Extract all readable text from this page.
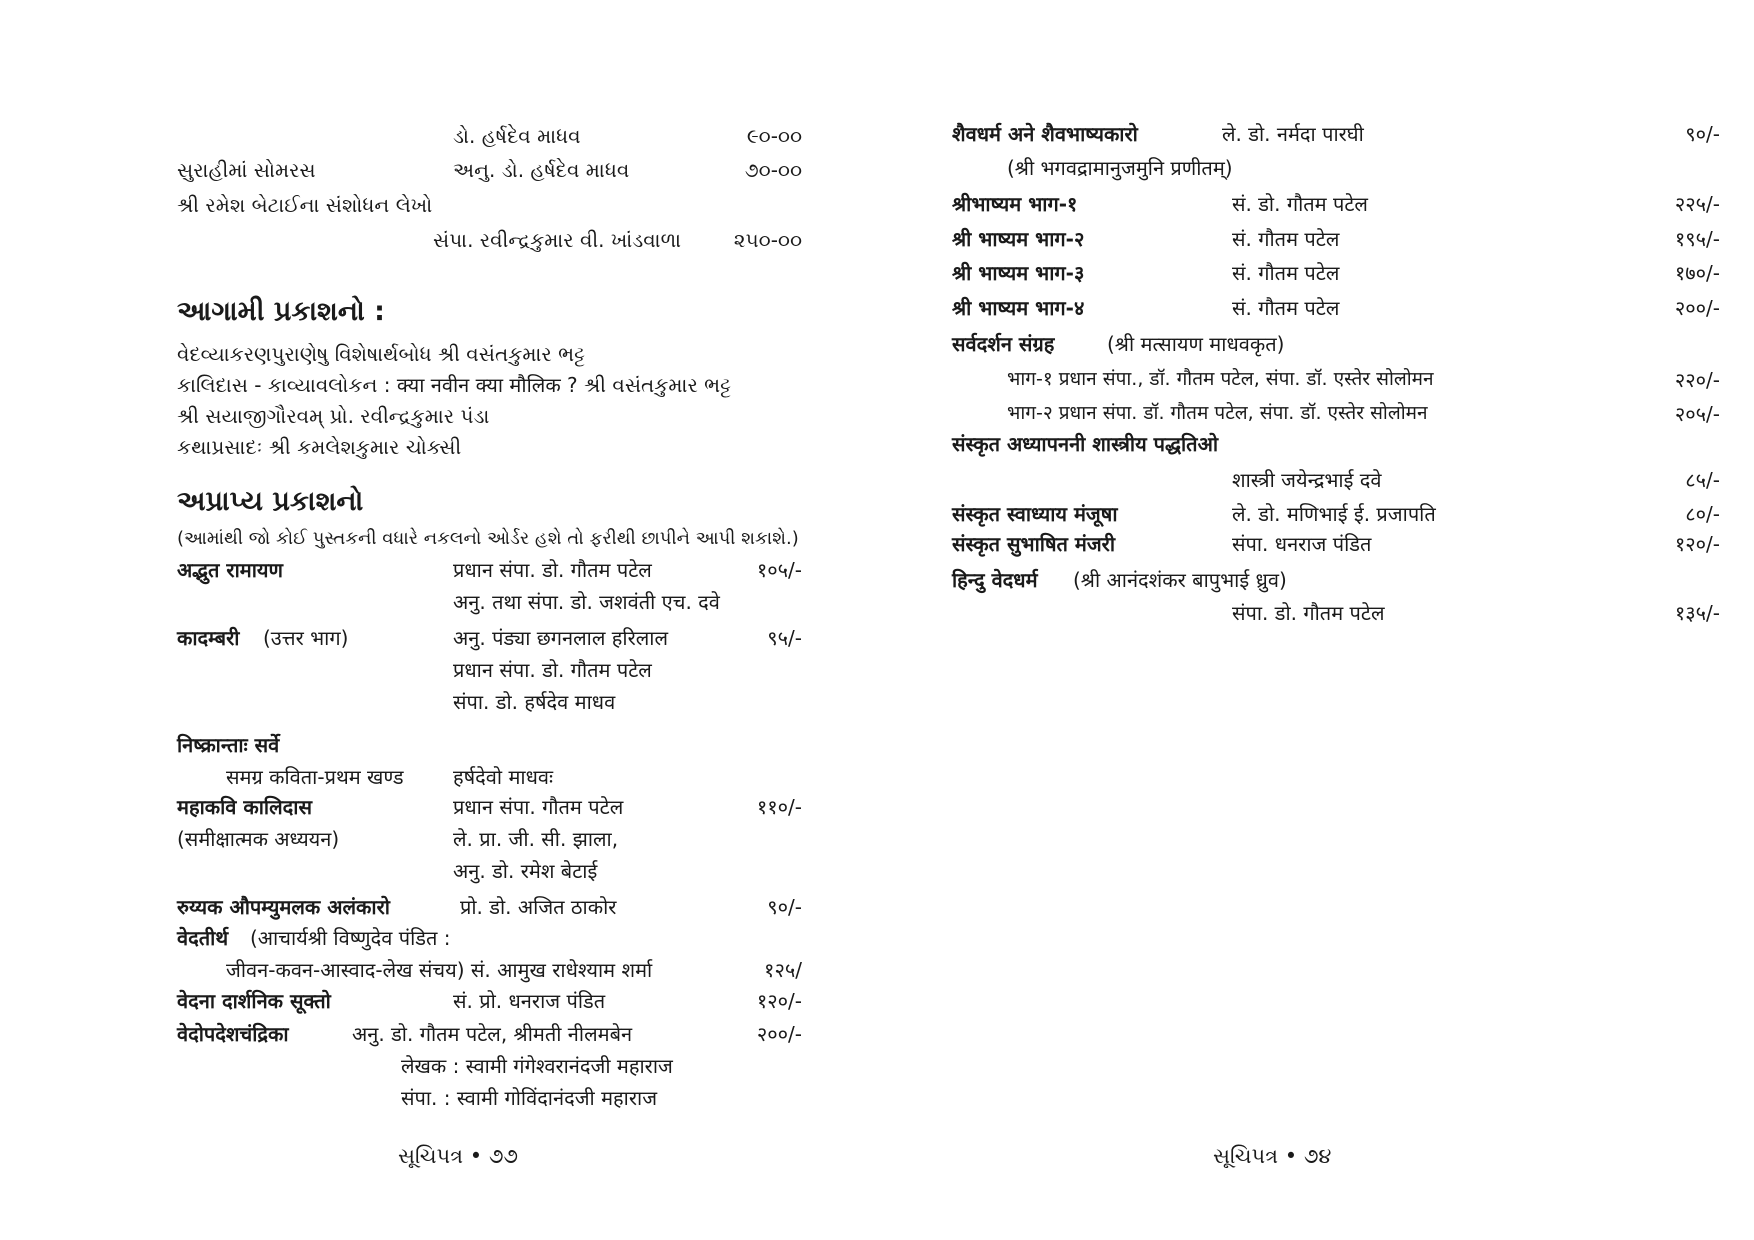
ડો. હર્ષદેવ માધવ	૯૦-૦૦
સુરાહીમાં સોમરસ	અનુ. ડો. હર્ષદેવ માધવ	૭૦-૦૦
શ્રી રમેશ બેટાઈના સંશોધન લેખો
સંપા. રવીન્દ્રકુમાર વી. ખાંડવાળા	૨૫૦-૦૦
આગામી પ્રકાશનો :
વેદવ્યાકરણપુરાણેષુ વિશેષાર્થબોધ શ્રી વસંતકુમાર ભટ્ટ
કાલિદાસ - કાવ્યાવલોકન : क्या नवीन क्या मौलिक ? શ્રી વસંતકુમાર ભટ્ટ
શ્રી સયાજીગૌરવમ્ પ્રો. રવીન્દ્રકુમાર પંડા
કથાપ્રસાદઃ શ્રી કમલેશકુમાર ચોક્સી
અપ્રાપ્ય પ્રકાશનો
(આમાંથી જો કોઈ પુસ્તકની વધારે નકલનો ઓર્ડર હશે તો ફરીથી છાપીને આપી શકાશે.)
अद्भुत रामायण	प्रधान संपा. डो. गौतम पटेल	१०५/-
अनु. तथा संपा. डो. जशवंती एच. दवे
कादम्बरी (उत्तर भाग)	अनु. पंड्या छगनलाल हरिलाल	९५/-
प्रधान संपा. डो. गौतम पटेल
संपा. डो. हर्षदेव माधव
निष्क्रान्ताः सर्वे
समग्र कविता-प्रथम खण्ड हर्षदेवो माधवः
महाकवि कालिदास	प्रधान संपा. गौतम पटेल	११०/-
(समीक्षात्मक अध्ययन)	ले. प्रा. जी. सी. झाला,
अनु. डो. रमेश बेटाई
रुय्यक औपम्युमलक अलंकारो	प्रो. डो. अजित ठाकोर	९०/-
वेदतीर्थ (आचार्यश्री विष्णुदेव पंडित :
जीवन-कवन-आस्वाद-लेख संचय) सं. आमुख राधेश्याम शर्मा	१२५/
वेदना दार्शनिक सूक्तो	सं. प्रो. धनराज पंडित	१२०/-
वेदोपदेशचंद्रिका	अनु. डो. गौतम पटेल, श्रीमती नीलमबेन	२००/-
लेखक : स्वामी गंगेश्वरानंदजी महाराज
संपा. : स्वामी गोविंदानंदजी महाराज
સૂચિપત્ર • ૭૭
शैवधर्म अने शैवभाष्यकारो	ले. डो. नर्मदा पारघी	९०/-
(श्री भगवद्रामानुजमुनि प्रणीतम्)
श्रीभाष्यम भाग-१	सं. डो. गौतम पटेल	२२५/-
श्री भाष्यम भाग-२	सं. गौतम पटेल	१९५/-
श्री भाष्यम भाग-३	सं. गौतम पटेल	१७०/-
श्री भाष्यम भाग-४	सं. गौतम पटेल	२००/-
सर्वदर्शन संग्रह	(श्री मत्सायण माधवकृत)
भाग-१ प्रधान संपा., डॉ. गौतम पटेल, संपा. डॉ. एस्तेर सोलोमन	२२०/-
भाग-२ प्रधान संपा. डॉ. गौतम पटेल, संपा. डॉ. एस्तेर सोलोमन	२०५/-
संस्कृत अध्यापननी शास्त्रीय पद्धतिओ
शास्त्री जयेन्द्रभाई दवे	८५/-
संस्कृत स्वाध्याय मंजूषा	ले. डो. मणिभाई ई. प्रजापति	८०/-
संस्कृत सुभाषित मंजरी	संपा. धनराज पंडित	१२०/-
हिन्दु वेदधर्म (श्री आनंदशंकर बापुभाई ध्रुव)
संपा. डो. गौतम पटेल	१३५/-
સૂચિપત્ર • ૭૪
